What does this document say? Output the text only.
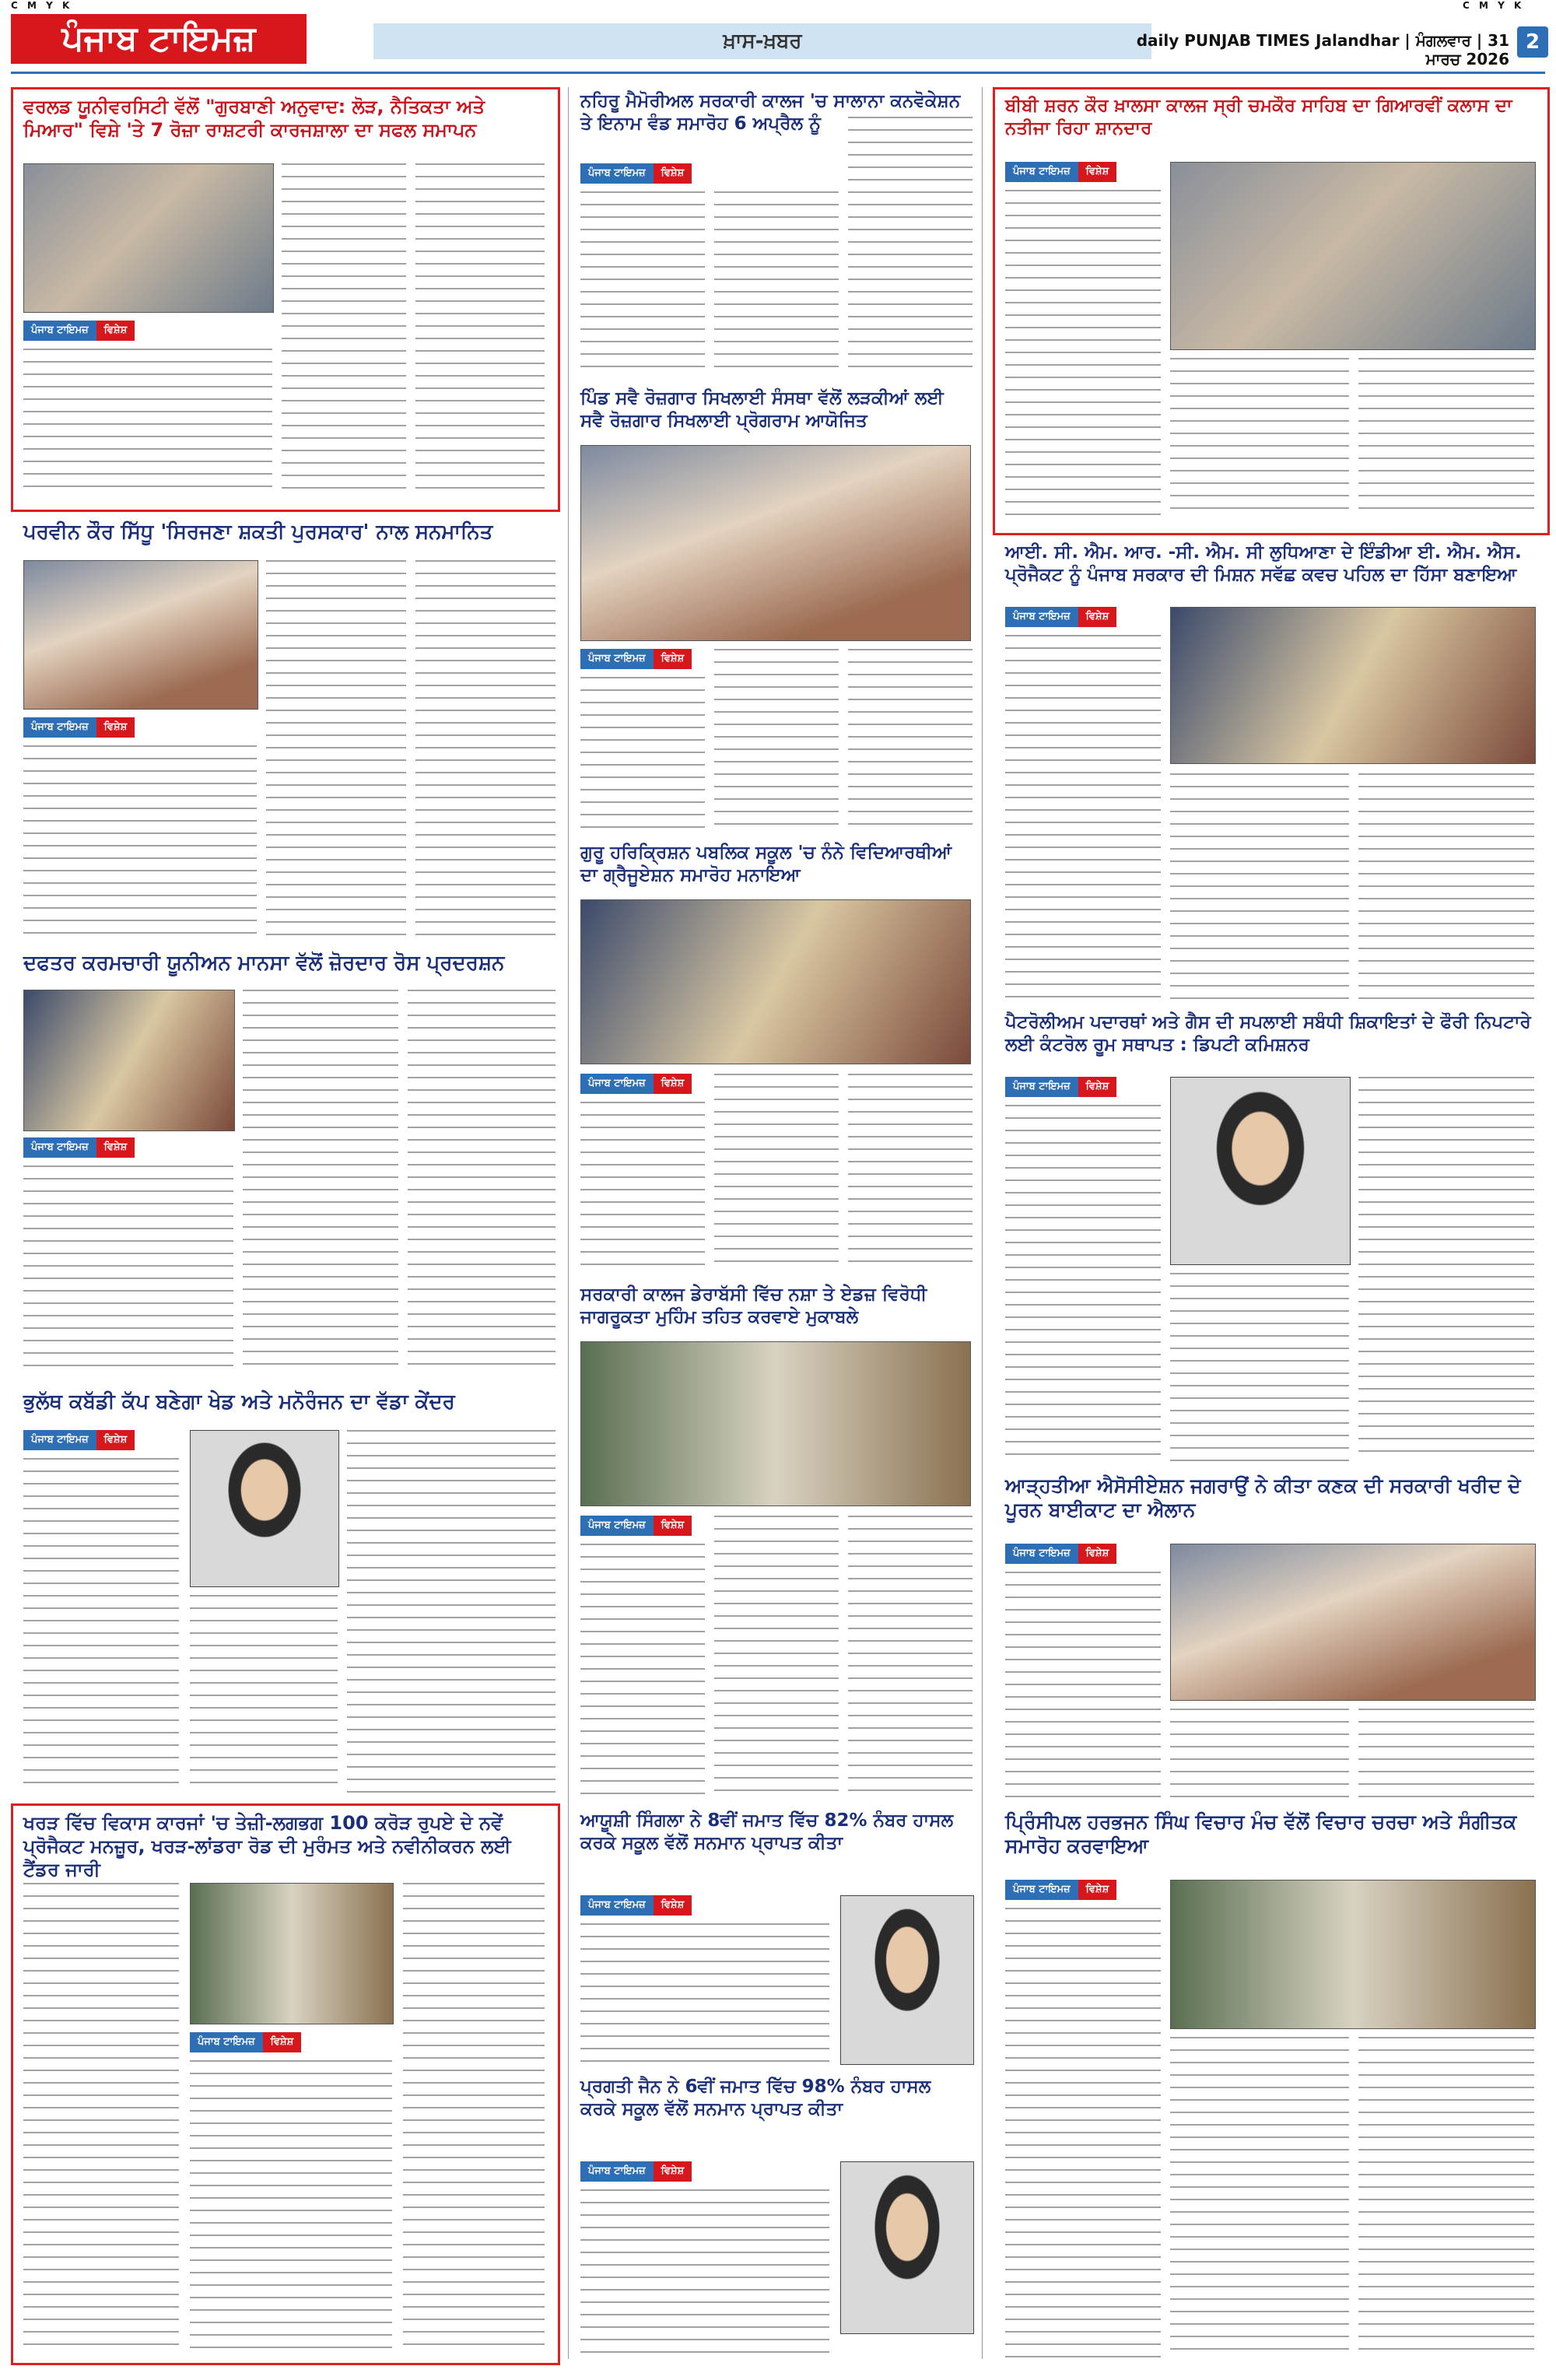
C M Y K	C M Y K
ਪੰਜਾਬ ਟਾਇਮਜ਼	ਖ਼ਾਸ-ਖ਼ਬਰ	daily PUNJAB TIMES Jalandhar | ਮੰਗਲਵਾਰ | 31 ਮਾਰਚ 2026
2
ਵਰਲਡ ਯੂਨੀਵਰਸਿਟੀ ਵੱਲੋਂ "ਗੁਰਬਾਣੀ ਅਨੁਵਾਦ: ਲੋੜ, ਨੈਤਿਕਤਾ ਅਤੇ ਮਿਆਰ" ਵਿਸ਼ੇ 'ਤੇ 7 ਰੋਜ਼ਾ ਰਾਸ਼ਟਰੀ ਕਾਰਜਸ਼ਾਲਾ ਦਾ ਸਫਲ ਸਮਾਪਨ
ਪੰਜਾਬ ਟਾਇਮਜ਼	ਵਿਸ਼ੇਸ਼
ਪਰਵੀਨ ਕੌਰ ਸਿੱਧੂ 'ਸਿਰਜਣਾ ਸ਼ਕਤੀ ਪੁਰਸਕਾਰ' ਨਾਲ ਸਨਮਾਨਿਤ
ਪੰਜਾਬ ਟਾਇਮਜ਼	ਵਿਸ਼ੇਸ਼
ਦਫਤਰ ਕਰਮਚਾਰੀ ਯੂਨੀਅਨ ਮਾਨਸਾ ਵੱਲੋਂ ਜ਼ੋਰਦਾਰ ਰੋਸ ਪ੍ਰਦਰਸ਼ਨ
ਪੰਜਾਬ ਟਾਇਮਜ਼	ਵਿਸ਼ੇਸ਼
ਭੁਲੱਥ ਕਬੱਡੀ ਕੱਪ ਬਣੇਗਾ ਖੇਡ ਅਤੇ ਮਨੋਰੰਜਨ ਦਾ ਵੱਡਾ ਕੇਂਦਰ
ਪੰਜਾਬ ਟਾਇਮਜ਼	ਵਿਸ਼ੇਸ਼
ਖਰੜ ਵਿੱਚ ਵਿਕਾਸ ਕਾਰਜਾਂ 'ਚ ਤੇਜ਼ੀ-ਲਗਭਗ 100 ਕਰੋੜ ਰੁਪਏ ਦੇ ਨਵੇਂ ਪ੍ਰੋਜੈਕਟ ਮਨਜ਼ੂਰ, ਖਰੜ-ਲਾਂਡਰਾ ਰੋਡ ਦੀ ਮੁਰੰਮਤ ਅਤੇ ਨਵੀਨੀਕਰਨ ਲਈ ਟੈਂਡਰ ਜਾਰੀ
ਪੰਜਾਬ ਟਾਇਮਜ਼	ਵਿਸ਼ੇਸ਼
ਨਹਿਰੂ ਮੈਮੋਰੀਅਲ ਸਰਕਾਰੀ ਕਾਲਜ 'ਚ ਸਾਲਾਨਾ ਕਨਵੋਕੇਸ਼ਨ ਤੇ ਇਨਾਮ ਵੰਡ ਸਮਾਰੋਹ 6 ਅਪ੍ਰੈਲ ਨੂੰ
ਪੰਜਾਬ ਟਾਇਮਜ਼	ਵਿਸ਼ੇਸ਼
ਪਿੰਡ ਸਵੈ ਰੋਜ਼ਗਾਰ ਸਿਖਲਾਈ ਸੰਸਥਾ ਵੱਲੋਂ ਲੜਕੀਆਂ ਲਈ ਸਵੈ ਰੋਜ਼ਗਾਰ ਸਿਖਲਾਈ ਪ੍ਰੋਗਰਾਮ ਆਯੋਜਿਤ
ਪੰਜਾਬ ਟਾਇਮਜ਼	ਵਿਸ਼ੇਸ਼
ਗੁਰੂ ਹਰਿਕ੍ਰਿਸ਼ਨ ਪਬਲਿਕ ਸਕੂਲ 'ਚ ਨੰਨੇ ਵਿਦਿਆਰਥੀਆਂ ਦਾ ਗ੍ਰੈਜੂਏਸ਼ਨ ਸਮਾਰੋਹ ਮਨਾਇਆ
ਪੰਜਾਬ ਟਾਇਮਜ਼	ਵਿਸ਼ੇਸ਼
ਸਰਕਾਰੀ ਕਾਲਜ ਡੇਰਾਬੱਸੀ ਵਿੱਚ ਨਸ਼ਾ ਤੇ ਏਡਜ਼ ਵਿਰੋਧੀ ਜਾਗਰੂਕਤਾ ਮੁਹਿੰਮ ਤਹਿਤ ਕਰਵਾਏ ਮੁਕਾਬਲੇ
ਪੰਜਾਬ ਟਾਇਮਜ਼	ਵਿਸ਼ੇਸ਼
ਆਯੂਸ਼ੀ ਸਿੰਗਲਾ ਨੇ 8ਵੀਂ ਜਮਾਤ ਵਿੱਚ 82% ਨੰਬਰ ਹਾਸਲ ਕਰਕੇ ਸਕੂਲ ਵੱਲੋਂ ਸਨਮਾਨ ਪ੍ਰਾਪਤ ਕੀਤਾ
ਪੰਜਾਬ ਟਾਇਮਜ਼	ਵਿਸ਼ੇਸ਼
ਪ੍ਰਗਤੀ ਜੈਨ ਨੇ 6ਵੀਂ ਜਮਾਤ ਵਿੱਚ 98% ਨੰਬਰ ਹਾਸਲ ਕਰਕੇ ਸਕੂਲ ਵੱਲੋਂ ਸਨਮਾਨ ਪ੍ਰਾਪਤ ਕੀਤਾ
ਪੰਜਾਬ ਟਾਇਮਜ਼	ਵਿਸ਼ੇਸ਼
ਬੀਬੀ ਸ਼ਰਨ ਕੌਰ ਖ਼ਾਲਸਾ ਕਾਲਜ ਸ੍ਰੀ ਚਮਕੌਰ ਸਾਹਿਬ ਦਾ ਗਿਆਰਵੀਂ ਕਲਾਸ ਦਾ ਨਤੀਜਾ ਰਿਹਾ ਸ਼ਾਨਦਾਰ
ਪੰਜਾਬ ਟਾਇਮਜ਼	ਵਿਸ਼ੇਸ਼
ਆਈ. ਸੀ. ਐਮ. ਆਰ. -ਸੀ. ਐਮ. ਸੀ ਲੁਧਿਆਣਾ ਦੇ ਇੰਡੀਆ ਈ. ਐਮ. ਐਸ. ਪ੍ਰੋਜੈਕਟ ਨੂੰ ਪੰਜਾਬ ਸਰਕਾਰ ਦੀ ਮਿਸ਼ਨ ਸਵੱਛ ਕਵਚ ਪਹਿਲ ਦਾ ਹਿੱਸਾ ਬਣਾਇਆ
ਪੰਜਾਬ ਟਾਇਮਜ਼	ਵਿਸ਼ੇਸ਼
ਪੈਟਰੋਲੀਅਮ ਪਦਾਰਥਾਂ ਅਤੇ ਗੈਸ ਦੀ ਸਪਲਾਈ ਸਬੰਧੀ ਸ਼ਿਕਾਇਤਾਂ ਦੇ ਫੌਰੀ ਨਿਪਟਾਰੇ ਲਈ ਕੰਟਰੋਲ ਰੂਮ ਸਥਾਪਤ : ਡਿਪਟੀ ਕਮਿਸ਼ਨਰ
ਪੰਜਾਬ ਟਾਇਮਜ਼	ਵਿਸ਼ੇਸ਼
ਆੜ੍ਹਤੀਆ ਐਸੋਸੀਏਸ਼ਨ ਜਗਰਾਉਂ ਨੇ ਕੀਤਾ ਕਣਕ ਦੀ ਸਰਕਾਰੀ ਖਰੀਦ ਦੇ ਪੂਰਨ ਬਾਈਕਾਟ ਦਾ ਐਲਾਨ
ਪੰਜਾਬ ਟਾਇਮਜ਼	ਵਿਸ਼ੇਸ਼
ਪ੍ਰਿੰਸੀਪਲ ਹਰਭਜਨ ਸਿੰਘ ਵਿਚਾਰ ਮੰਚ ਵੱਲੋਂ ਵਿਚਾਰ ਚਰਚਾ ਅਤੇ ਸੰਗੀਤਕ ਸਮਾਰੋਹ ਕਰਵਾਇਆ
ਪੰਜਾਬ ਟਾਇਮਜ਼	ਵਿਸ਼ੇਸ਼
